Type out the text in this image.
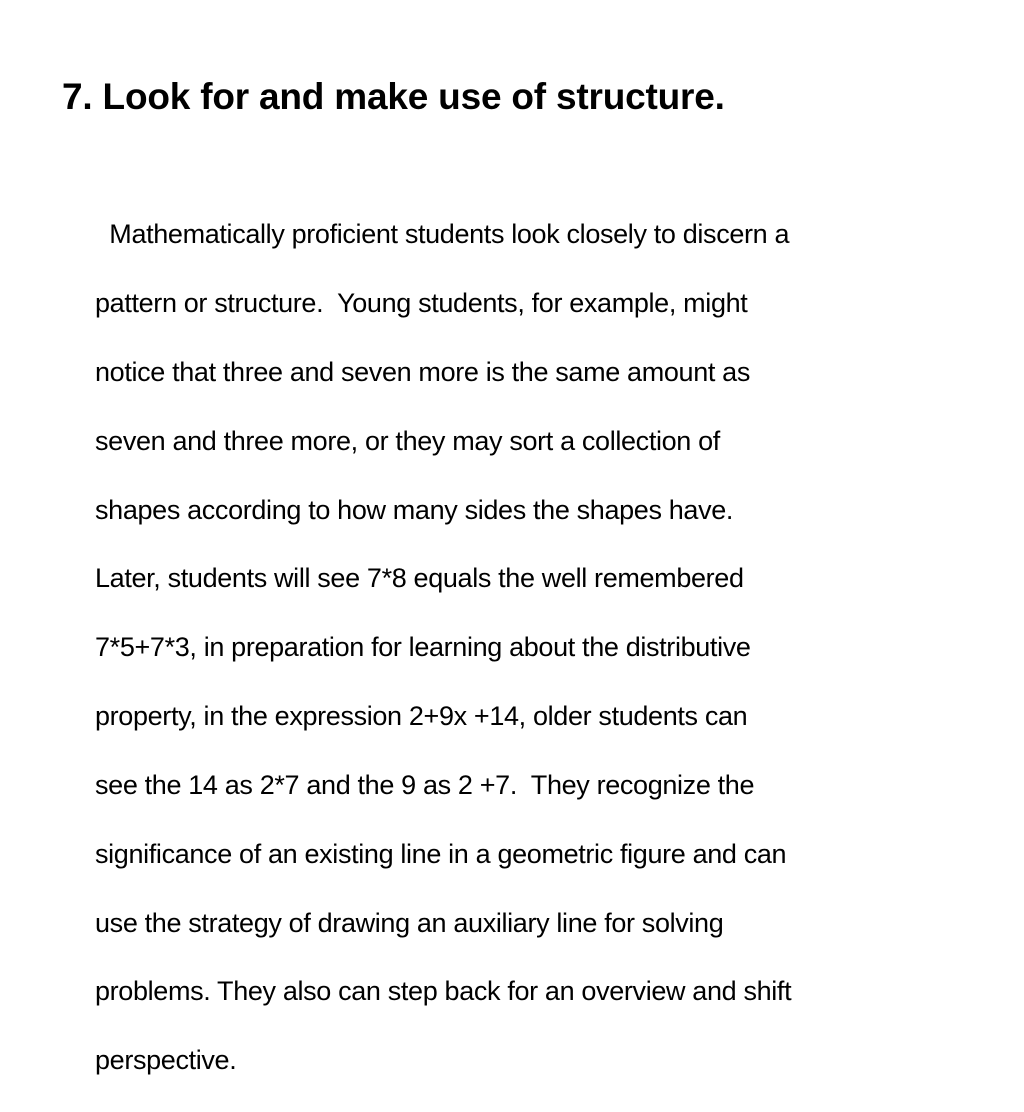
7. Look for and make use of structure.

Mathematically proficient students look closely to discern a

pattern or structure.  Young students, for example, might

notice that three and seven more is the same amount as

seven and three more, or they may sort a collection of

shapes according to how many sides the shapes have.

Later, students will see 7*8 equals the well remembered

7*5+7*3, in preparation for learning about the distributive

property, in the expression 2+9x +14, older students can

see the 14 as 2*7 and the 9 as 2 +7.  They recognize the

significance of an existing line in a geometric figure and can

use the strategy of drawing an auxiliary line for solving

problems. They also can step back for an overview and shift

perspective.
